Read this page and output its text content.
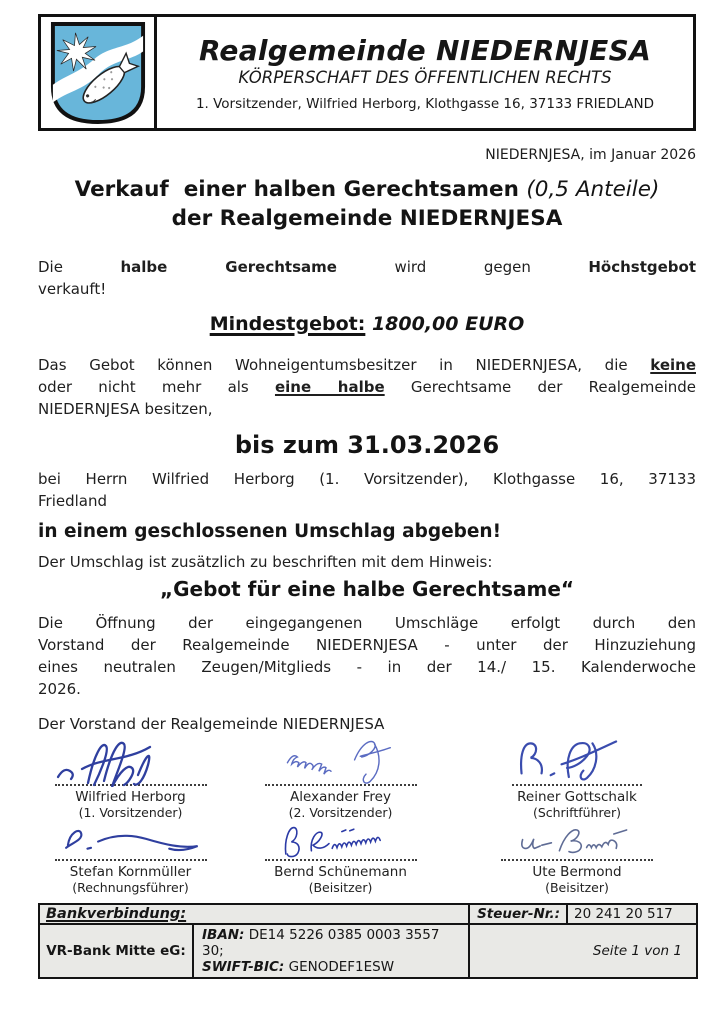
Realgemeinde NIEDERNJESA
KÖRPERSCHAFT DES ÖFFENTLICHEN RECHTS
1. Vorsitzender, Wilfried Herborg, Klothgasse 16, 37133 FRIEDLAND
NIEDERNJESA, im Januar 2026
Verkauf  einer halben Gerechtsamen (0,5 Anteile)
der Realgemeinde NIEDERNJESA
Die halbe Gerechtsame wird gegen Höchstgebot
verkauft!
Mindestgebot: 1800,00 EURO
Das Gebot können Wohneigentumsbesitzer in NIEDERNJESA, die keine
oder nicht mehr als eine halbe Gerechtsame der Realgemeinde
NIEDERNJESA besitzen,
bis zum 31.03.2026
bei Herrn Wilfried Herborg (1. Vorsitzender), Klothgasse 16, 37133
Friedland
in einem geschlossenen Umschlag abgeben!
Der Umschlag ist zusätzlich zu beschriften mit dem Hinweis:
„Gebot für eine halbe Gerechtsame“
Die Öffnung der eingegangenen Umschläge erfolgt durch den
Vorstand der Realgemeinde NIEDERNJESA - unter der Hinzuziehung
eines neutralen Zeugen/Mitglieds - in der 14./ 15. Kalenderwoche
2026.
Der Vorstand der Realgemeinde NIEDERNJESA
Wilfried Herborg
(1. Vorsitzender)
Alexander Frey
(2. Vorsitzender)
Reiner Gottschalk
(Schriftführer)
Stefan Kornmüller
(Rechnungsführer)
Bernd Schünemann
(Beisitzer)
Ute Bermond
(Beisitzer)
Bankverbindung:		Steuer-Nr.:	20 241 20 517
VR-Bank Mitte eG:	IBAN: DE14 5226 0385 0003 3557  30;
SWIFT-BIC: GENODEF1ESW	Seite 1 von 1	
